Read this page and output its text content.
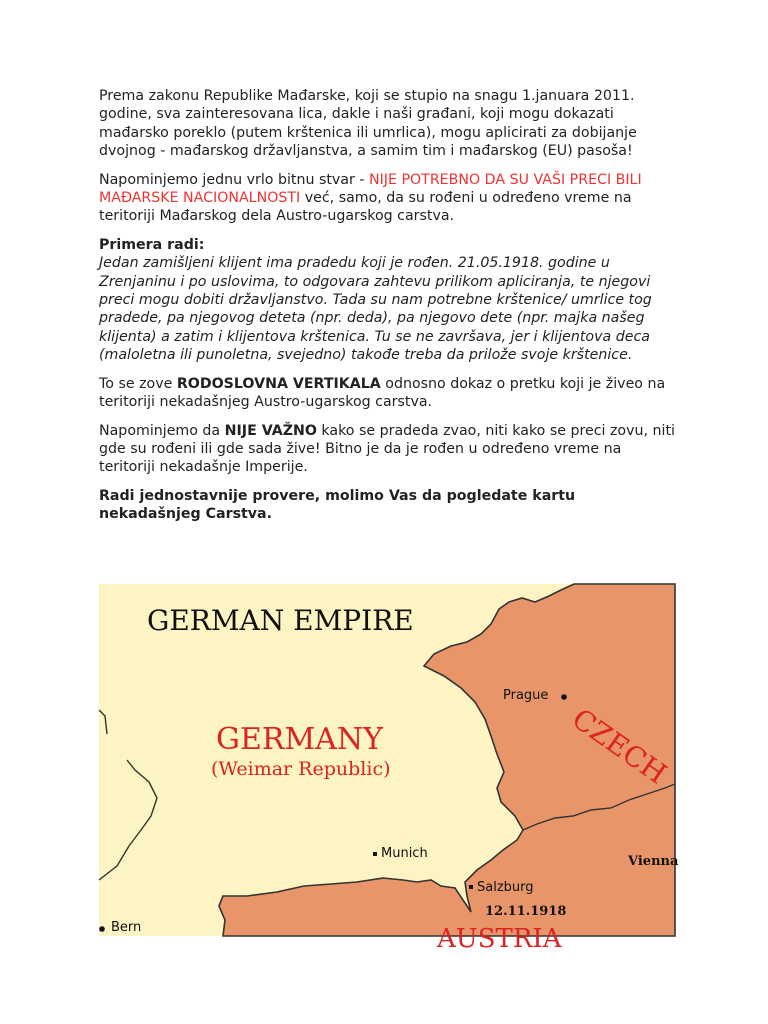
Prema zakonu Republike Mađarske, koji se stupio na snagu 1.januara 2011. godine, sva zainteresovana lica, dakle i naši građani, koji mogu dokazati mađarsko poreklo (putem krštenica ili umrlica), mogu aplicirati za dobijanje dvojnog - mađarskog državljanstva, a samim tim i mađarskog (EU) pasoša!

Napominjemo jednu vrlo bitnu stvar - NIJE POTREBNO DA SU VAŠI PRECI BILI MAĐARSKE NACIONALNOSTI već, samo, da su rođeni u određeno vreme na teritoriji Mađarskog dela Austro-ugarskog carstva.

Primera radi:
Jedan zamišljeni klijent ima pradedu koji je rođen. 21.05.1918. godine u Zrenjaninu i po uslovima, to odgovara zahtevu prilikom apliciranja, te njegovi preci mogu dobiti državljanstvo. Tada su nam potrebne krštenice/ umrlice tog pradede, pa njegovog deteta (npr. deda), pa njegovo dete (npr. majka našeg klijenta) a zatim i klijentova krštenica. Tu se ne završava, jer i klijentova deca (maloletna ili punoletna, svejedno) takođe treba da prilože svoje krštenice.

To se zove RODOSLOVNA VERTIKALA odnosno dokaz o pretku koji je živeo na teritoriji nekadašnjeg Austro-ugarskog carstva.

Napominjemo da NIJE VAŽNO kako se pradeda zvao, niti kako se preci zovu, niti gde su rođeni ili gde sada žive! Bitno je da je rođen u određeno vreme na teritoriji nekadašnje Imperije.

Radi jednostavnije provere, molimo Vas da pogledate kartu nekadašnjeg Carstva.

GERMAN EMPIRE
GERMANY
(Weimar Republic)
Prague
CZECH
Munich
Vienna
Salzburg
12.11.1918
Bern	AUSTRIA
